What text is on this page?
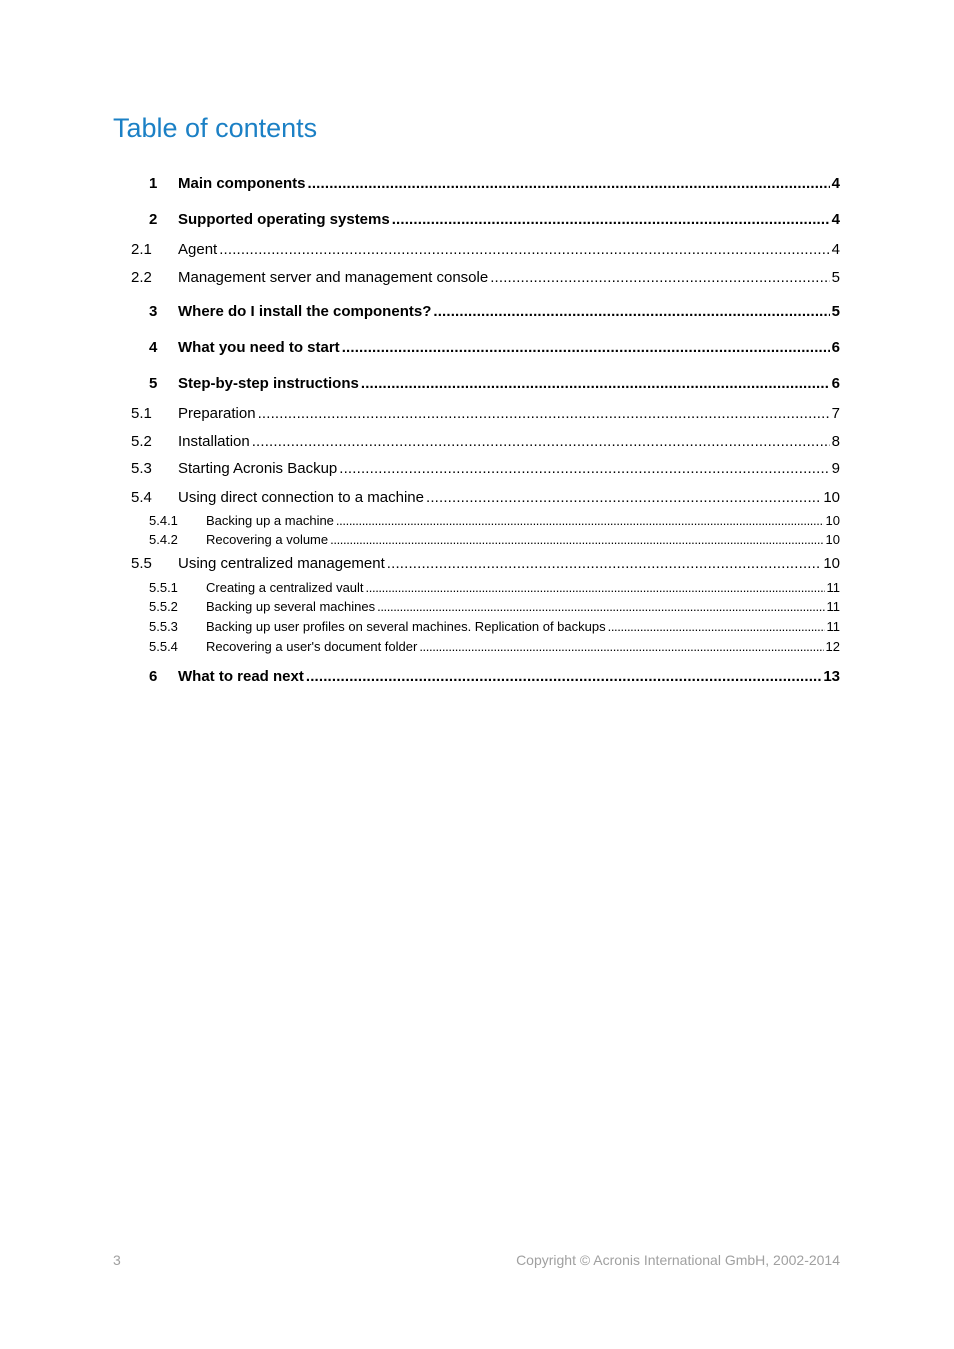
Table of contents
1 Main components . . .	4
2 Supported operating systems . . .	4
2.1 Agent . . .	4
2.2 Management server and management console . . .	5
3 Where do I install the components? . . .	5
4 What you need to start . . .	6
5 Step-by-step instructions . . .	6
5.1 Preparation . . .	7
5.2 Installation . . .	8
5.3 Starting Acronis Backup . . .	9
5.4 Using direct connection to a machine . . .	10
5.4.1 Backing up a machine . . .	10
5.4.2 Recovering a volume . . .	10
5.5 Using centralized management . . .	10
5.5.1 Creating a centralized vault . . .	11
5.5.2 Backing up several machines . . .	11
5.5.3 Backing up user profiles on several machines. Replication of backups . . .	11
5.5.4 Recovering a user's document folder . . .	12
6 What to read next . . .	13
3	Copyright © Acronis International GmbH, 2002-2014
